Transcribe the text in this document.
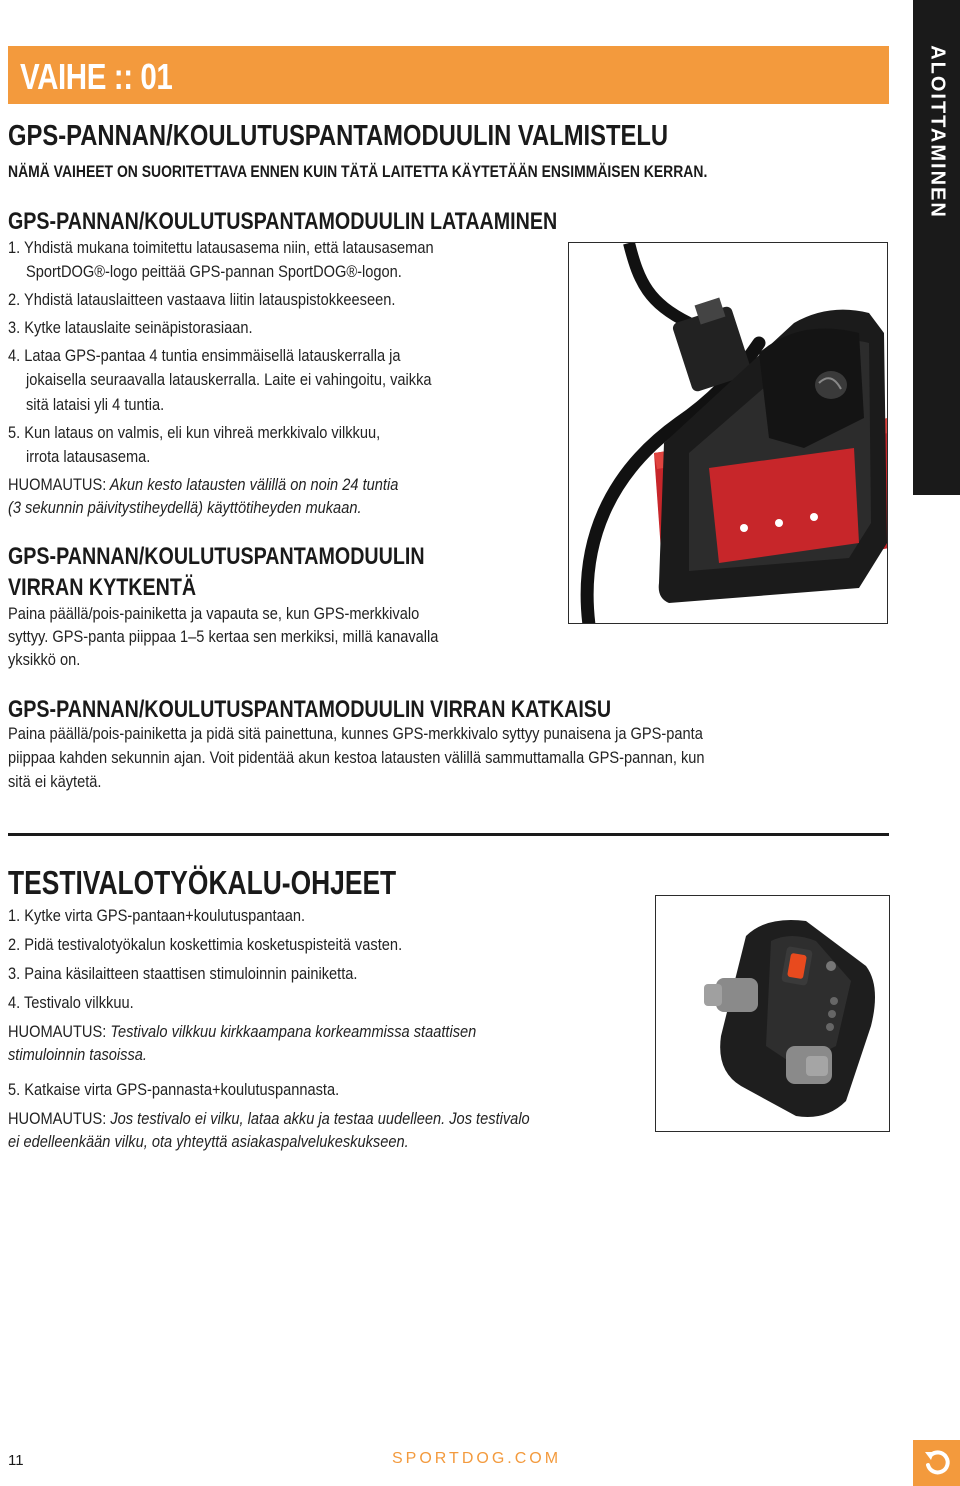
VAIHE :: 01	ALOITTAMINEN
GPS-PANNAN/KOULUTUSPANTAMODUULIN VALMISTELU
NÄMÄ VAIHEET ON SUORITETTAVA ENNEN KUIN TÄTÄ LAITETTA KÄYTETÄÄN ENSIMMÄISEN KERRAN.
GPS-PANNAN/KOULUTUSPANTAMODUULIN LATAAMINEN
1. Yhdistä mukana toimitettu latausasema niin, että latausaseman
SportDOG®-logo peittää GPS-pannan SportDOG®-logon.
2. Yhdistä latauslaitteen vastaava liitin latauspistokkeeseen.
3. Kytke latauslaite seinäpistorasiaan.
4. Lataa GPS-pantaa 4 tuntia ensimmäisellä latauskerralla ja
jokaisella seuraavalla latauskerralla. Laite ei vahingoitu, vaikka
sitä lataisi yli 4 tuntia.
5. Kun lataus on valmis, eli kun vihreä merkkivalo vilkkuu,
irrota latausasema.
HUOMAUTUS: Akun kesto latausten välillä on noin 24 tuntia
(3 sekunnin päivitystiheydellä) käyttötiheyden mukaan.
GPS-PANNAN/KOULUTUSPANTAMODUULIN
VIRRAN KYTKENTÄ
Paina päällä/pois-painiketta ja vapauta se, kun GPS-merkkivalo
syttyy. GPS-panta piippaa 1–5 kertaa sen merkiksi, millä kanavalla
yksikkö on.
GPS-PANNAN/KOULUTUSPANTAMODUULIN VIRRAN KATKAISU
Paina päällä/pois-painiketta ja pidä sitä painettuna, kunnes GPS-merkkivalo syttyy punaisena ja GPS-panta
piippaa kahden sekunnin ajan. Voit pidentää akun kestoa latausten välillä sammuttamalla GPS-pannan, kun
sitä ei käytetä.
TESTIVALOTYÖKALU-OHJEET
1. Kytke virta GPS-pantaan+koulutuspantaan.
2. Pidä testivalotyökalun koskettimia kosketuspisteitä vasten.
3. Paina käsilaitteen staattisen stimuloinnin painiketta.
4. Testivalo vilkkuu.
HUOMAUTUS: Testivalo vilkkuu kirkkaampana korkeammissa staattisen
stimuloinnin tasoissa.
5. Katkaise virta GPS-pannasta+koulutuspannasta.
HUOMAUTUS: Jos testivalo ei vilku, lataa akku ja testaa uudelleen. Jos testivalo
ei edelleenkään vilku, ota yhteyttä asiakaspalvelukeskukseen.
11	SPORTDOG.COM
